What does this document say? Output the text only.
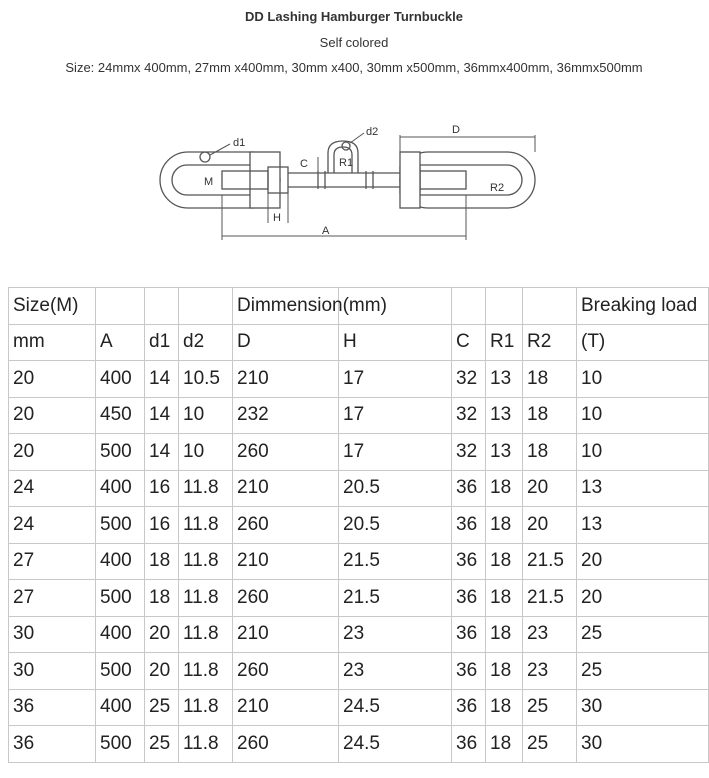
DD Lashing Hamburger Turnbuckle
Self colored
Size: 24mmx 400mm, 27mm x400mm, 30mm x400, 30mm x500mm, 36mmx400mm, 36mmx500mm
d1
d2	D
C	R1
M	R2
H
A
Size(M)				Dimmension(mm)					Breaking load
mm	A	d1	d2	D	H	C	R1	R2	(T)
20	400	14	10.5	210	17	32	13	18	10
20	450	14	10	232	17	32	13	18	10
20	500	14	10	260	17	32	13	18	10
24	400	16	11.8	210	20.5	36	18	20	13
24	500	16	11.8	260	20.5	36	18	20	13
27	400	18	11.8	210	21.5	36	18	21.5	20
27	500	18	11.8	260	21.5	36	18	21.5	20
30	400	20	11.8	210	23	36	18	23	25
30	500	20	11.8	260	23	36	18	23	25
36	400	25	11.8	210	24.5	36	18	25	30
36	500	25	11.8	260	24.5	36	18	25	30
